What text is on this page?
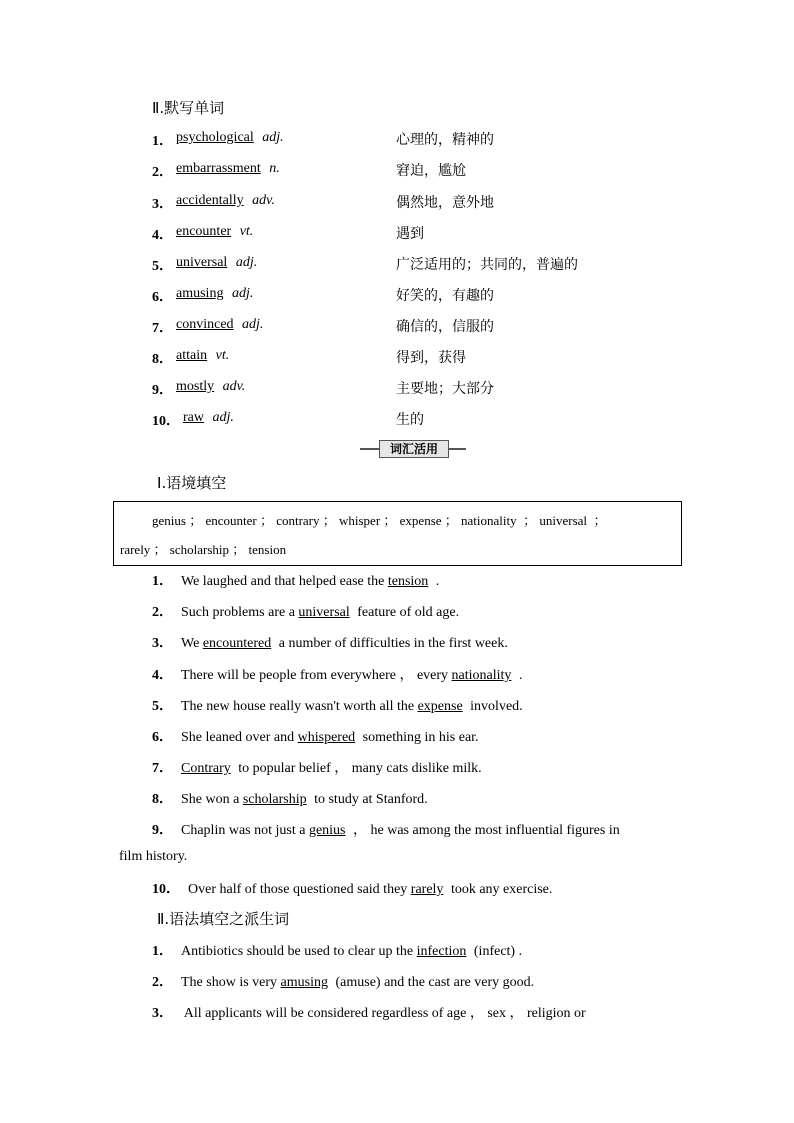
Ⅱ.默写单词
1． psychological adj.	心理的，精神的
2． embarrassment n.	窘迫，尴尬
3． accidentally adv.	偶然地，意外地
4． encounter vt.	遇到
5． universal adj.	广泛适用的；共同的，普遍的
6． amusing adj.	好笑的，有趣的
7． convinced adj.	确信的，信服的
8． attain vt.	得到，获得
9． mostly adv.	主要地；大部分
10． raw adj.	生的
词汇活用
Ⅰ.语境填空
genius ； encounter ； contrary ； whisper ； expense ； nationality  ； universal  ；
rarely ； scholarship ； tension
1． We laughed and that helped ease the tension .
2． Such problems are a universal feature of old age.
3． We encountered a number of difficulties in the first week.
4． There will be people from everywhere ， every nationality .
5． The new house really wasn't worth all the expense involved.
6． She leaned over and whispered something in his ear.
7． Contrary to popular belief ， many cats dislike milk.
8． She won a scholarship to study at Stanford.
9． Chaplin was not just a genius ， he was among the most influential figures in
film history.
10． Over half of those questioned said they rarely took any exercise.
Ⅱ.语法填空之派生词
1． Antibiotics should be used to clear up the infection (infect) .
2． The show is very amusing (amuse) and the cast are very good.
3． All applicants will be considered regardless of age ， sex ， religion or
